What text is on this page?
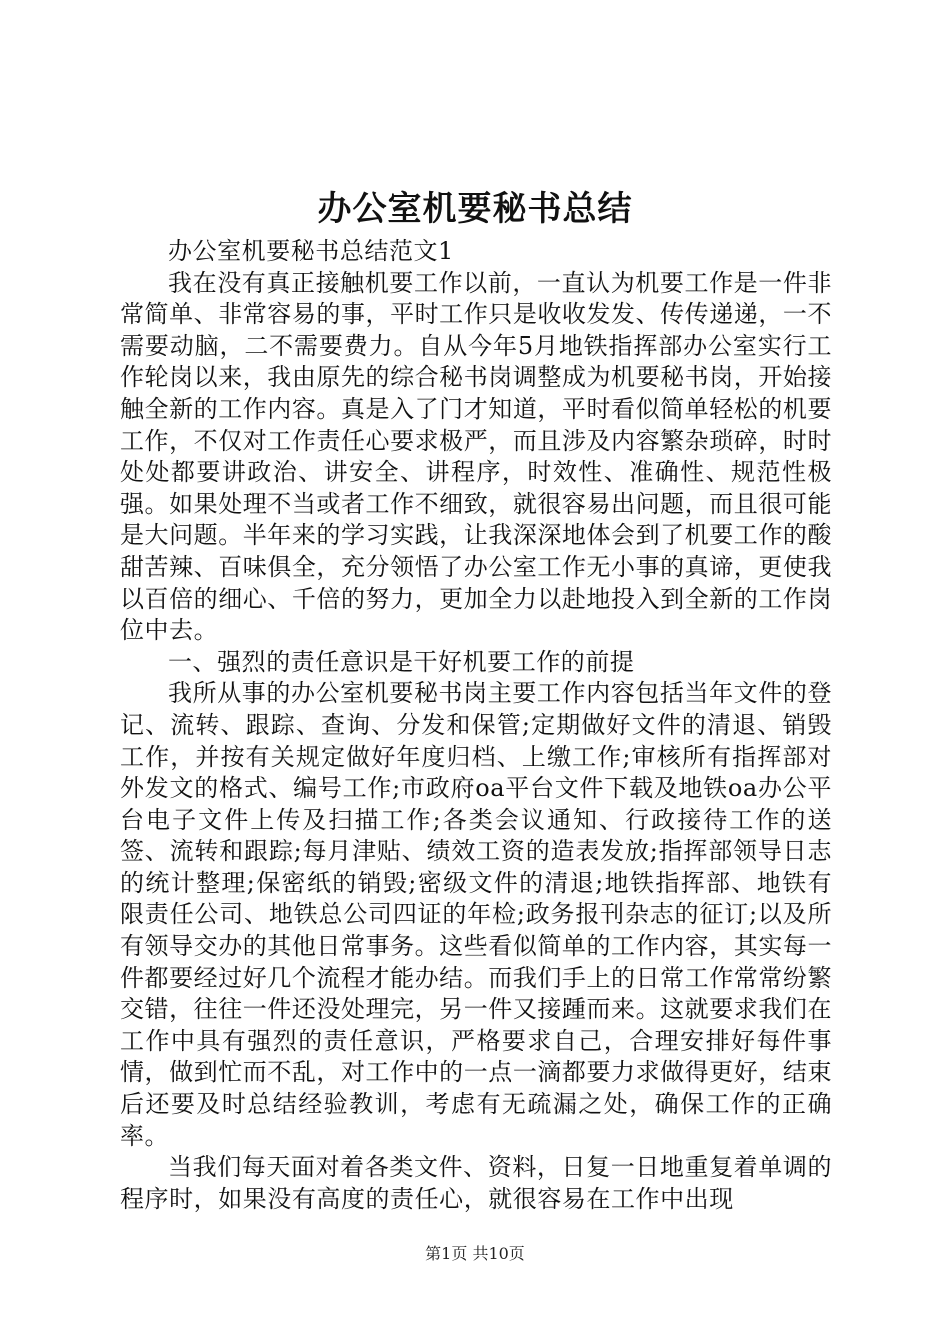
办公室机要秘书总结

办公室机要秘书总结范文1

我在没有真正接触机要工作以前，一直认为机要工作是一件非常简单、非常容易的事，平时工作只是收收发发、传传递递，一不需要动脑，二不需要费力。自从今年5月地铁指挥部办公室实行工作轮岗以来，我由原先的综合秘书岗调整成为机要秘书岗，开始接触全新的工作内容。真是入了门才知道，平时看似简单轻松的机要工作，不仅对工作责任心要求极严，而且涉及内容繁杂琐碎，时时处处都要讲政治、讲安全、讲程序，时效性、准确性、规范性极强。如果处理不当或者工作不细致，就很容易出问题，而且很可能是大问题。半年来的学习实践，让我深深地体会到了机要工作的酸甜苦辣、百味俱全，充分领悟了办公室工作无小事的真谛，更使我以百倍的细心、千倍的努力，更加全力以赴地投入到全新的工作岗位中去。

一、强烈的责任意识是干好机要工作的前提

我所从事的办公室机要秘书岗主要工作内容包括当年文件的登记、流转、跟踪、查询、分发和保管;定期做好文件的清退、销毁工作，并按有关规定做好年度归档、上缴工作;审核所有指挥部对外发文的格式、编号工作;市政府oa平台文件下载及地铁oa办公平台电子文件上传及扫描工作;各类会议通知、行政接待工作的送签、流转和跟踪;每月津贴、绩效工资的造表发放;指挥部领导日志的统计整理;保密纸的销毁;密级文件的清退;地铁指挥部、地铁有限责任公司、地铁总公司四证的年检;政务报刊杂志的征订;以及所有领导交办的其他日常事务。这些看似简单的工作内容，其实每一件都要经过好几个流程才能办结。而我们手上的日常工作常常纷繁交错，往往一件还没处理完，另一件又接踵而来。这就要求我们在工作中具有强烈的责任意识，严格要求自己，合理安排好每件事情，做到忙而不乱，对工作中的一点一滴都要力求做得更好，结束后还要及时总结经验教训，考虑有无疏漏之处，确保工作的正确率。

当我们每天面对着各类文件、资料，日复一日地重复着单调的程序时，如果没有高度的责任心，就很容易在工作中出现

第1页 共10页
